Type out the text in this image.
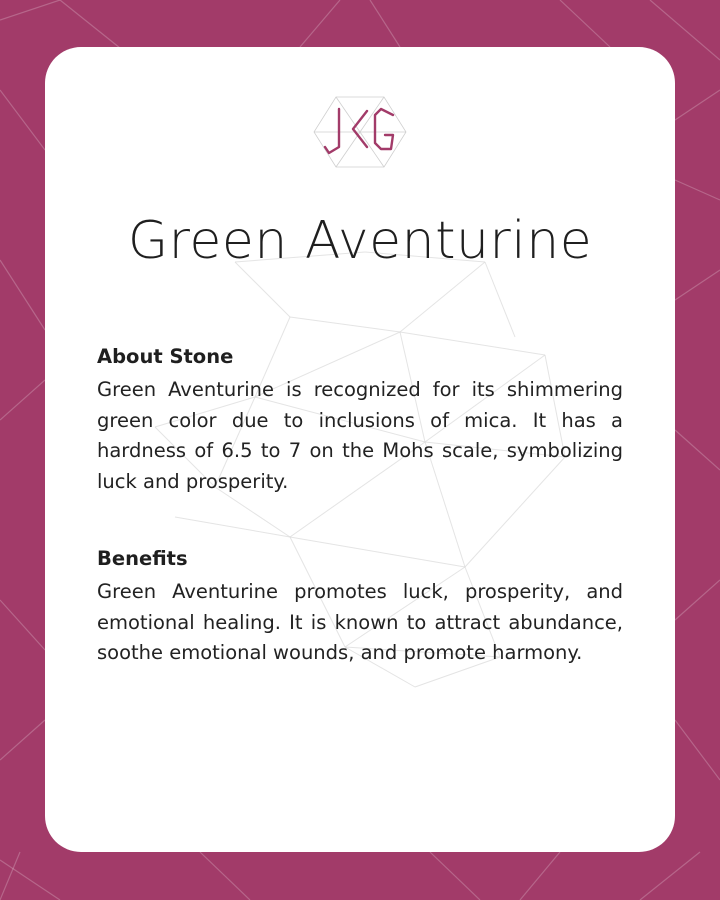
Green Aventurine
About Stone

Green Aventurine is recognized for its shimmering green color due to inclusions of mica. It has a hardness of 6.5 to 7 on the Mohs scale, symbolizing luck and prosperity.

Benefits

Green Aventurine promotes luck, prosperity, and emotional healing. It is known to attract abundance, soothe emotional wounds, and promote harmony.
